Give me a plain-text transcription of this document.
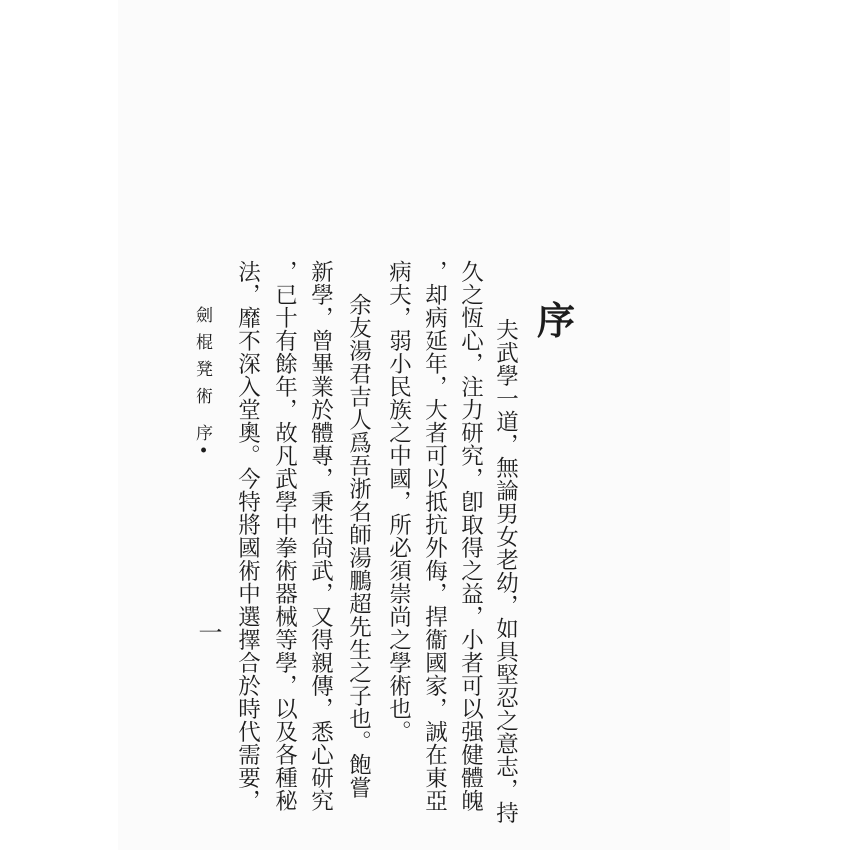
序
夫武學一道，無論男女老幼，如具堅忍之意志，持
久之恆心，注力研究，卽取得之益，小者可以强健體魄
，却病延年，大者可以抵抗外侮，捍衞國家，誠在東亞
病夫，弱小民族之中國，所必須崇尚之學術也。
余友湯君吉人爲吾浙名師湯鵬超先生之子也。飽嘗
新學，曾畢業於體專，秉性尙武，又得親傳，悉心研究
，已十有餘年，故凡武學中拳術器械等學，以及各種秘
法，靡不深入堂奧。今特將國術中選擇合於時代需要，
劍棍凳術序•
一
